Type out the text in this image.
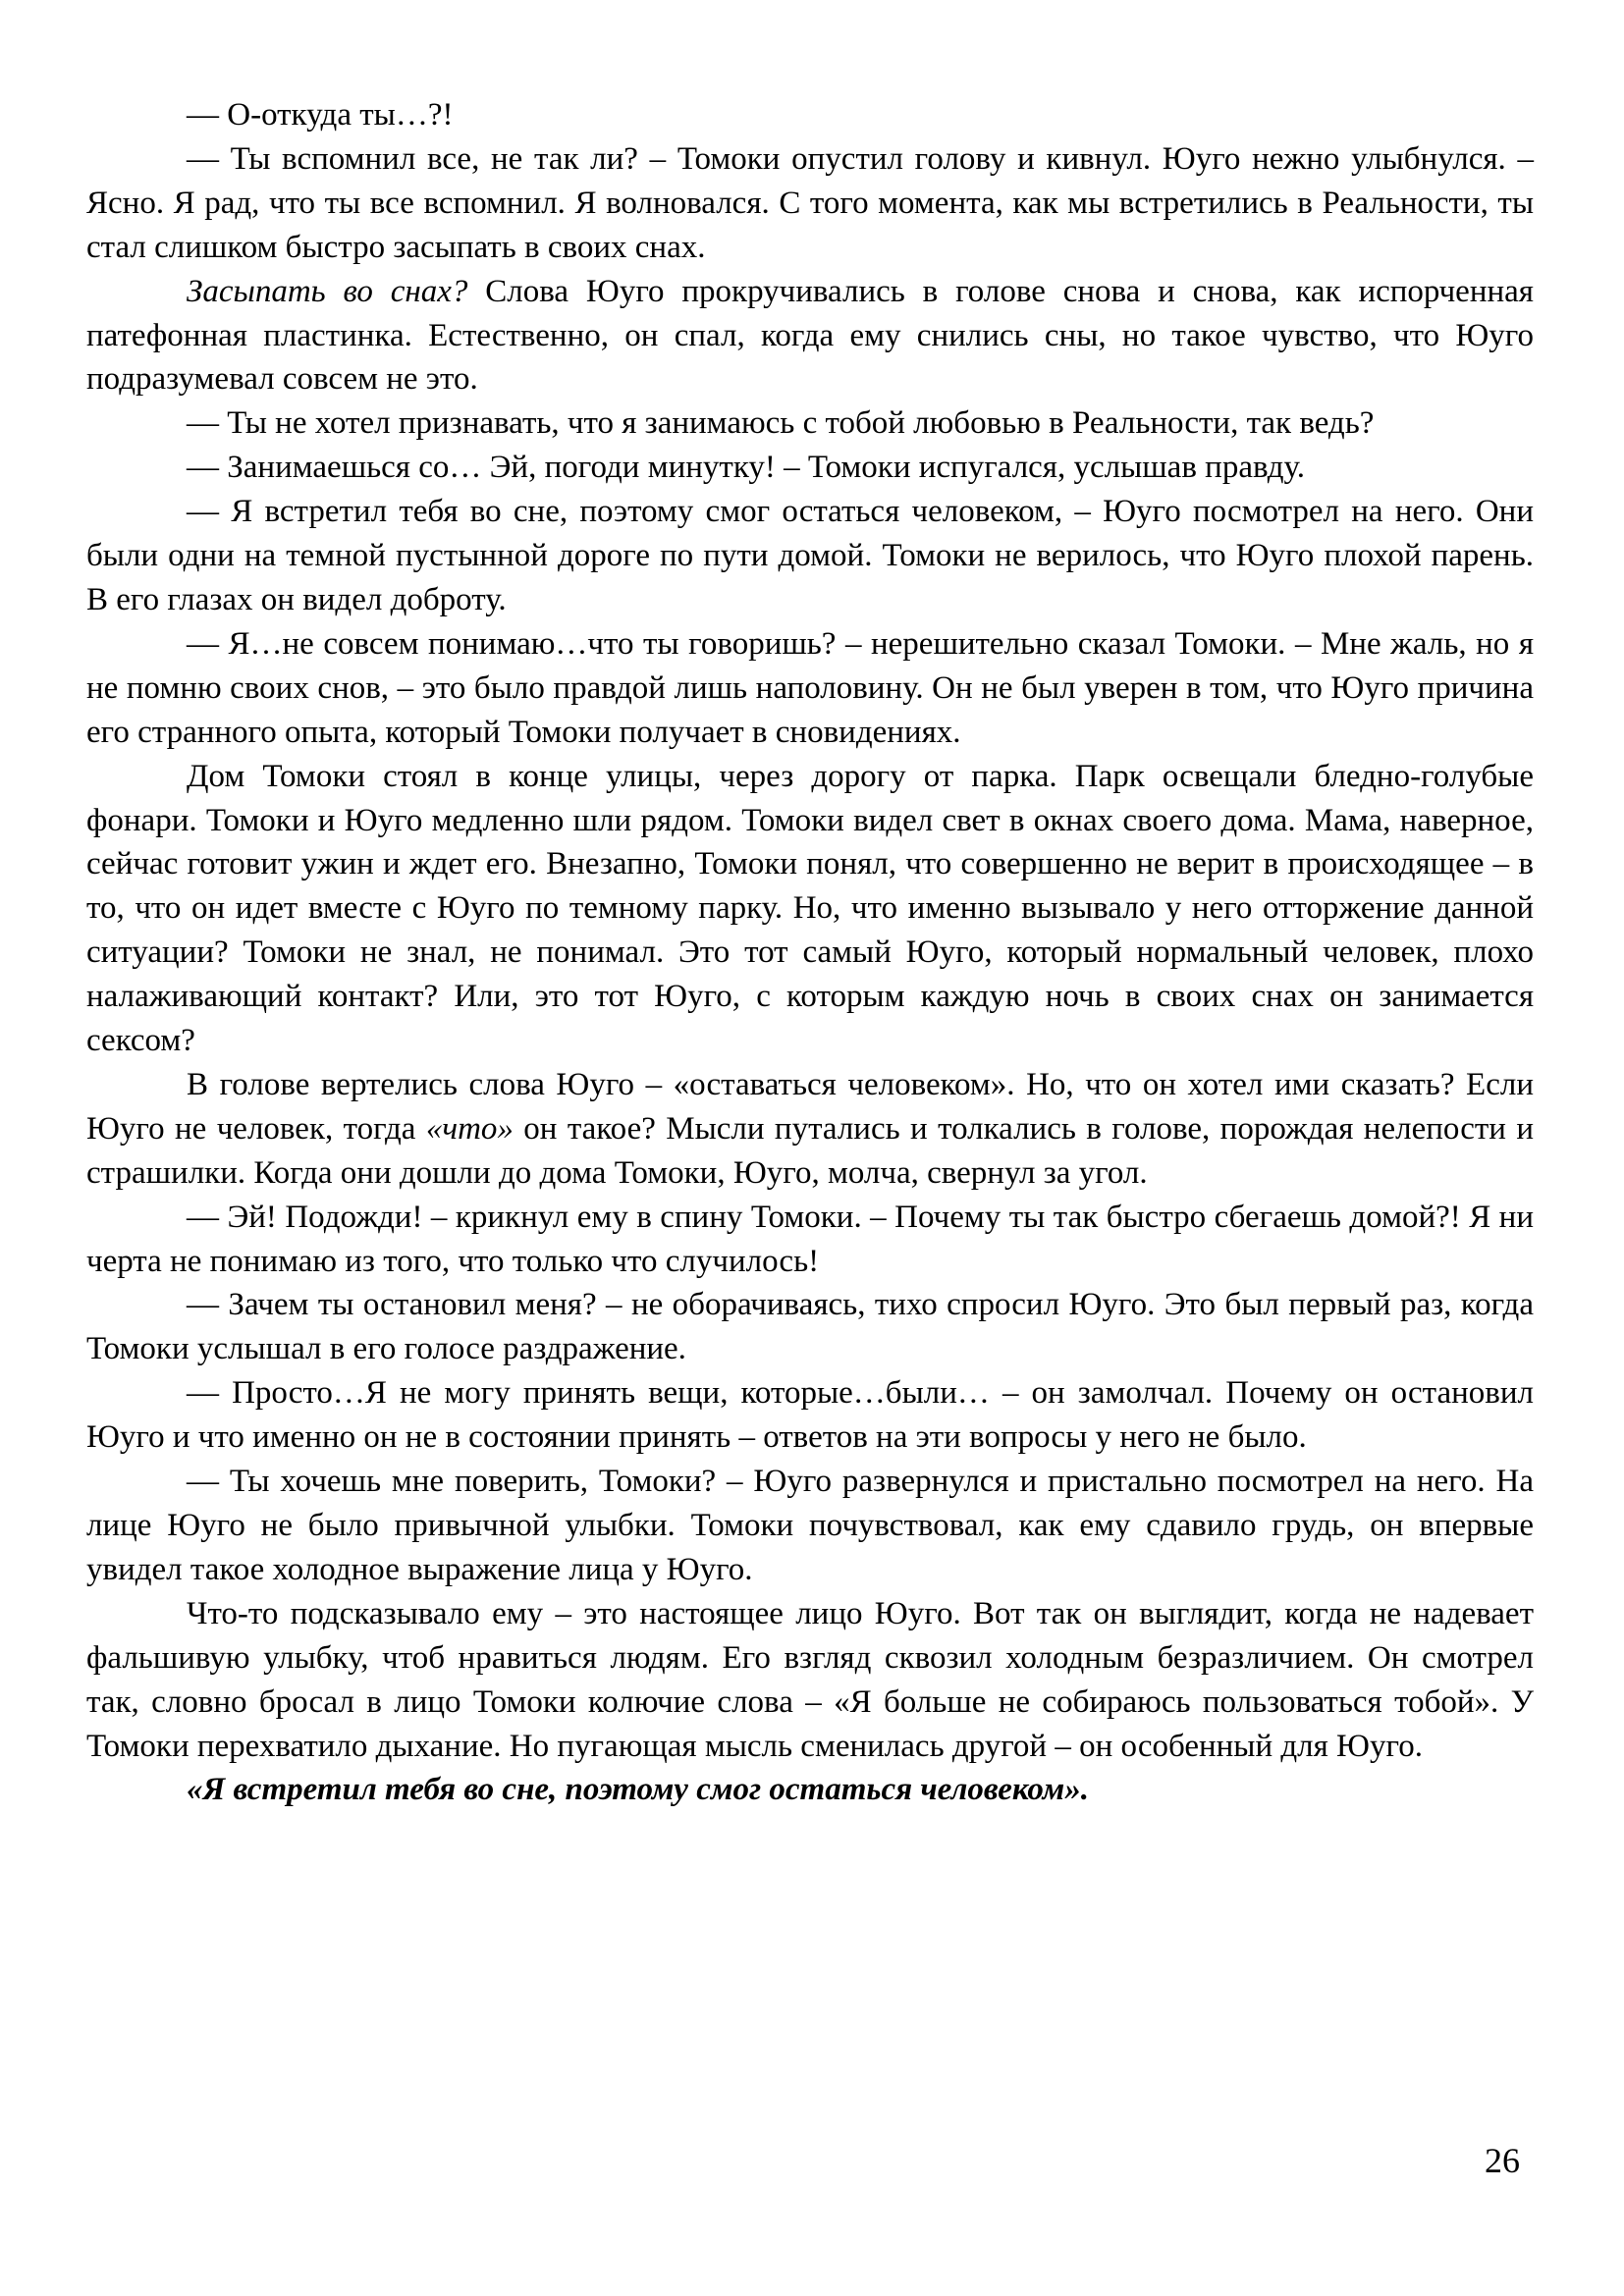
— О-откуда ты…?!

— Ты вспомнил все, не так ли? – Томоки опустил голову и кивнул. Юуго нежно улыбнулся. – Ясно. Я рад, что ты все вспомнил. Я волновался. С того момента, как мы встретились в Реальности, ты стал слишком быстро засыпать в своих снах.

Засыпать во снах? Слова Юуго прокручивались в голове снова и снова, как испорченная патефонная пластинка. Естественно, он спал, когда ему снились сны, но такое чувство, что Юуго подразумевал совсем не это.

— Ты не хотел признавать, что я занимаюсь с тобой любовью в Реальности, так ведь?

— Занимаешься со… Эй, погоди минутку! – Томоки испугался, услышав правду.

— Я встретил тебя во сне, поэтому смог остаться человеком, – Юуго посмотрел на него. Они были одни на темной пустынной дороге по пути домой. Томоки не верилось, что Юуго плохой парень. В его глазах он видел доброту.

— Я…не совсем понимаю…что ты говоришь? – нерешительно сказал Томоки. – Мне жаль, но я не помню своих снов, – это было правдой лишь наполовину. Он не был уверен в том, что Юуго причина его странного опыта, который Томоки получает в сновидениях.

Дом Томоки стоял в конце улицы, через дорогу от парка. Парк освещали бледно-голубые фонари. Томоки и Юуго медленно шли рядом. Томоки видел свет в окнах своего дома. Мама, наверное, сейчас готовит ужин и ждет его. Внезапно, Томоки понял, что совершенно не верит в происходящее – в то, что он идет вместе с Юуго по темному парку. Но, что именно вызывало у него отторжение данной ситуации? Томоки не знал, не понимал. Это тот самый Юуго, который нормальный человек, плохо налаживающий контакт? Или, это тот Юуго, с которым каждую ночь в своих снах он занимается сексом?

В голове вертелись слова Юуго – «оставаться человеком». Но, что он хотел ими сказать? Если Юуго не человек, тогда «что» он такое? Мысли путались и толкались в голове, порождая нелепости и страшилки. Когда они дошли до дома Томоки, Юуго, молча, свернул за угол.

— Эй! Подожди! – крикнул ему в спину Томоки. – Почему ты так быстро сбегаешь домой?! Я ни черта не понимаю из того, что только что случилось!

— Зачем ты остановил меня? – не оборачиваясь, тихо спросил Юуго. Это был первый раз, когда Томоки услышал в его голосе раздражение.

— Просто…Я не могу принять вещи, которые…были… – он замолчал. Почему он остановил Юуго и что именно он не в состоянии принять – ответов на эти вопросы у него не было.

— Ты хочешь мне поверить, Томоки? – Юуго развернулся и пристально посмотрел на него. На лице Юуго не было привычной улыбки. Томоки почувствовал, как ему сдавило грудь, он впервые увидел такое холодное выражение лица у Юуго.

Что-то подсказывало ему – это настоящее лицо Юуго. Вот так он выглядит, когда не надевает фальшивую улыбку, чтоб нравиться людям. Его взгляд сквозил холодным безразличием. Он смотрел так, словно бросал в лицо Томоки колючие слова – «Я больше не собираюсь пользоваться тобой». У Томоки перехватило дыхание. Но пугающая мысль сменилась другой – он особенный для Юуго.

«Я встретил тебя во сне, поэтому смог остаться человеком».

26
